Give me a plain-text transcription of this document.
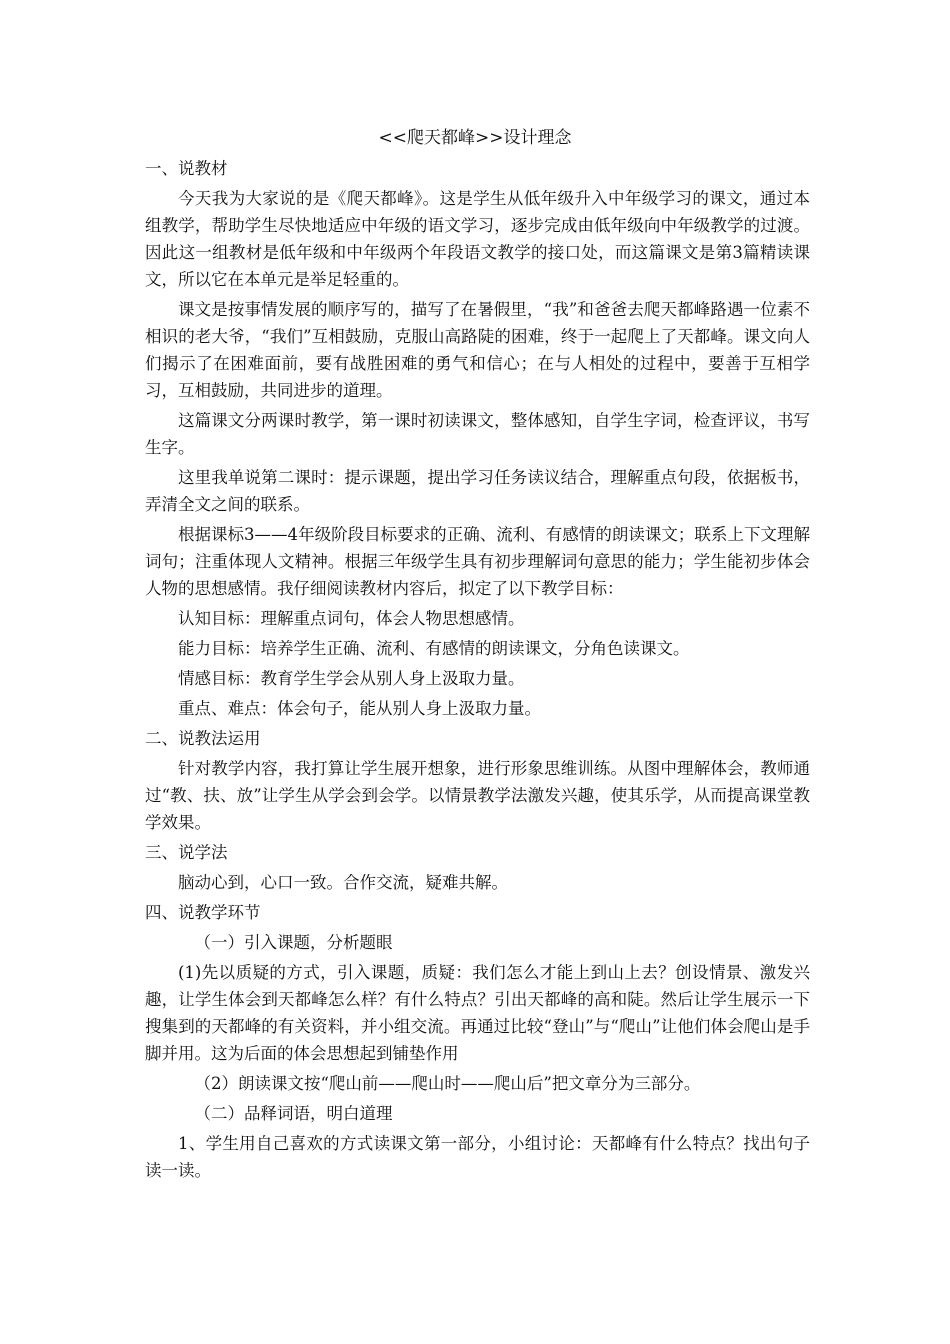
<<爬天都峰>>设计理念

一、说教材

今天我为大家说的是《爬天都峰》。这是学生从低年级升入中年级学习的课文，通过本组教学，帮助学生尽快地适应中年级的语文学习，逐步完成由低年级向中年级教学的过渡。因此这一组教材是低年级和中年级两个年段语文教学的接口处，而这篇课文是第3篇精读课文，所以它在本单元是举足轻重的。

课文是按事情发展的顺序写的，描写了在暑假里，“我”和爸爸去爬天都峰路遇一位素不相识的老大爷，“我们”互相鼓励，克服山高路陡的困难，终于一起爬上了天都峰。课文向人们揭示了在困难面前，要有战胜困难的勇气和信心；在与人相处的过程中，要善于互相学习，互相鼓励，共同进步的道理。

这篇课文分两课时教学，第一课时初读课文，整体感知，自学生字词，检查评议，书写生字。

这里我单说第二课时：提示课题，提出学习任务读议结合，理解重点句段，依据板书，弄清全文之间的联系。

根据课标3——4年级阶段目标要求的正确、流利、有感情的朗读课文；联系上下文理解词句；注重体现人文精神。根据三年级学生具有初步理解词句意思的能力；学生能初步体会人物的思想感情。我仔细阅读教材内容后，拟定了以下教学目标：

认知目标：理解重点词句，体会人物思想感情。

能力目标：培养学生正确、流利、有感情的朗读课文，分角色读课文。

情感目标：教育学生学会从别人身上汲取力量。

重点、难点：体会句子，能从别人身上汲取力量。

二、说教法运用

针对教学内容，我打算让学生展开想象，进行形象思维训练。从图中理解体会，教师通过“教、扶、放”让学生从学会到会学。以情景教学法激发兴趣，使其乐学，从而提高课堂教学效果。

三、说学法

脑动心到，心口一致。合作交流，疑难共解。

四、说教学环节

（一）引入课题，分析题眼

(1)先以质疑的方式，引入课题，质疑：我们怎么才能上到山上去？创设情景、激发兴趣，让学生体会到天都峰怎么样？有什么特点？引出天都峰的高和陡。然后让学生展示一下搜集到的天都峰的有关资料，并小组交流。再通过比较“登山”与“爬山”让他们体会爬山是手脚并用。这为后面的体会思想起到铺垫作用

（2）朗读课文按“爬山前——爬山时——爬山后”把文章分为三部分。

（二）品释词语，明白道理

1、学生用自己喜欢的方式读课文第一部分，小组讨论：天都峰有什么特点？找出句子读一读。
